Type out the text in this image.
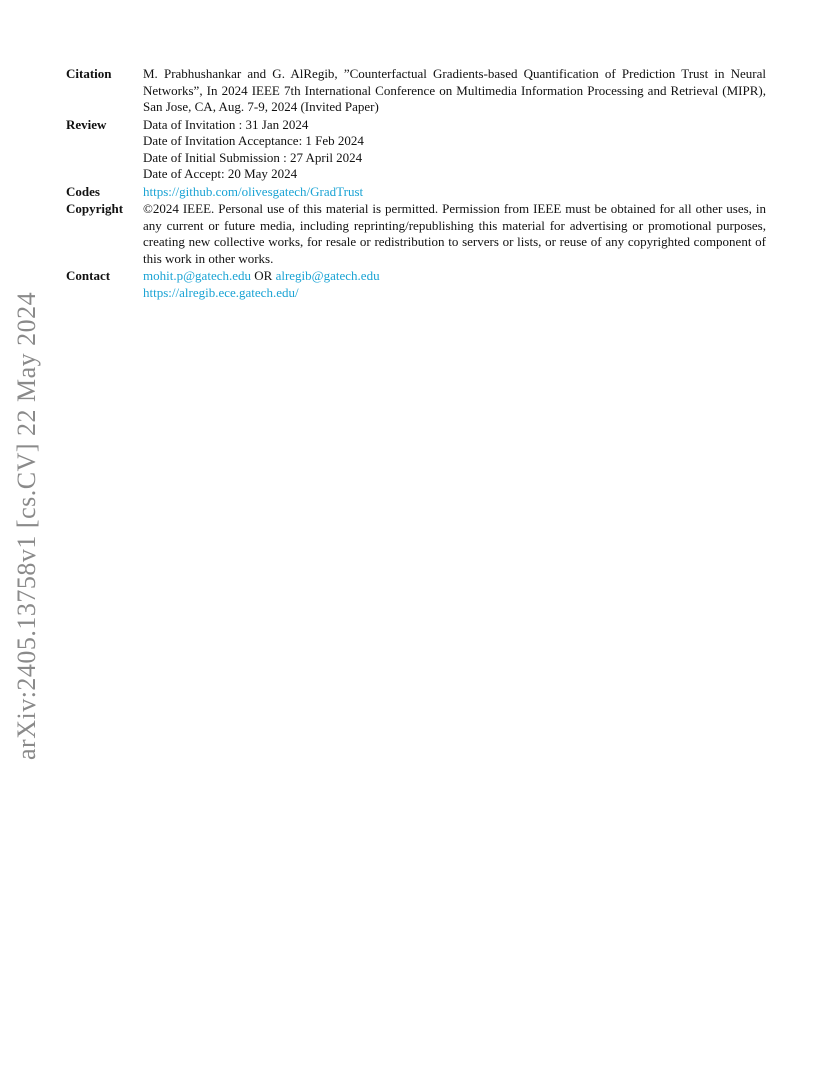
arXiv:2405.13758v1 [cs.CV] 22 May 2024
Citation	M. Prabhushankar and G. AlRegib, ”Counterfactual Gradients-based Quantification of Prediction Trust in Neural Networks”, In 2024 IEEE 7th International Conference on Multimedia Information Processing and Retrieval (MIPR), San Jose, CA, Aug. 7-9, 2024 (Invited Paper)
Review	Data of Invitation : 31 Jan 2024
Date of Invitation Acceptance: 1 Feb 2024
Date of Initial Submission : 27 April 2024
Date of Accept: 20 May 2024
Codes	https://github.com/olivesgatech/GradTrust
Copyright	©2024 IEEE. Personal use of this material is permitted. Permission from IEEE must be obtained for all other uses, in any current or future media, including reprinting/republishing this material for advertising or promotional purposes, creating new collective works, for resale or redistribution to servers or lists, or reuse of any copyrighted component of this work in other works.
Contact	mohit.p@gatech.edu OR alregib@gatech.edu
https://alregib.ece.gatech.edu/
